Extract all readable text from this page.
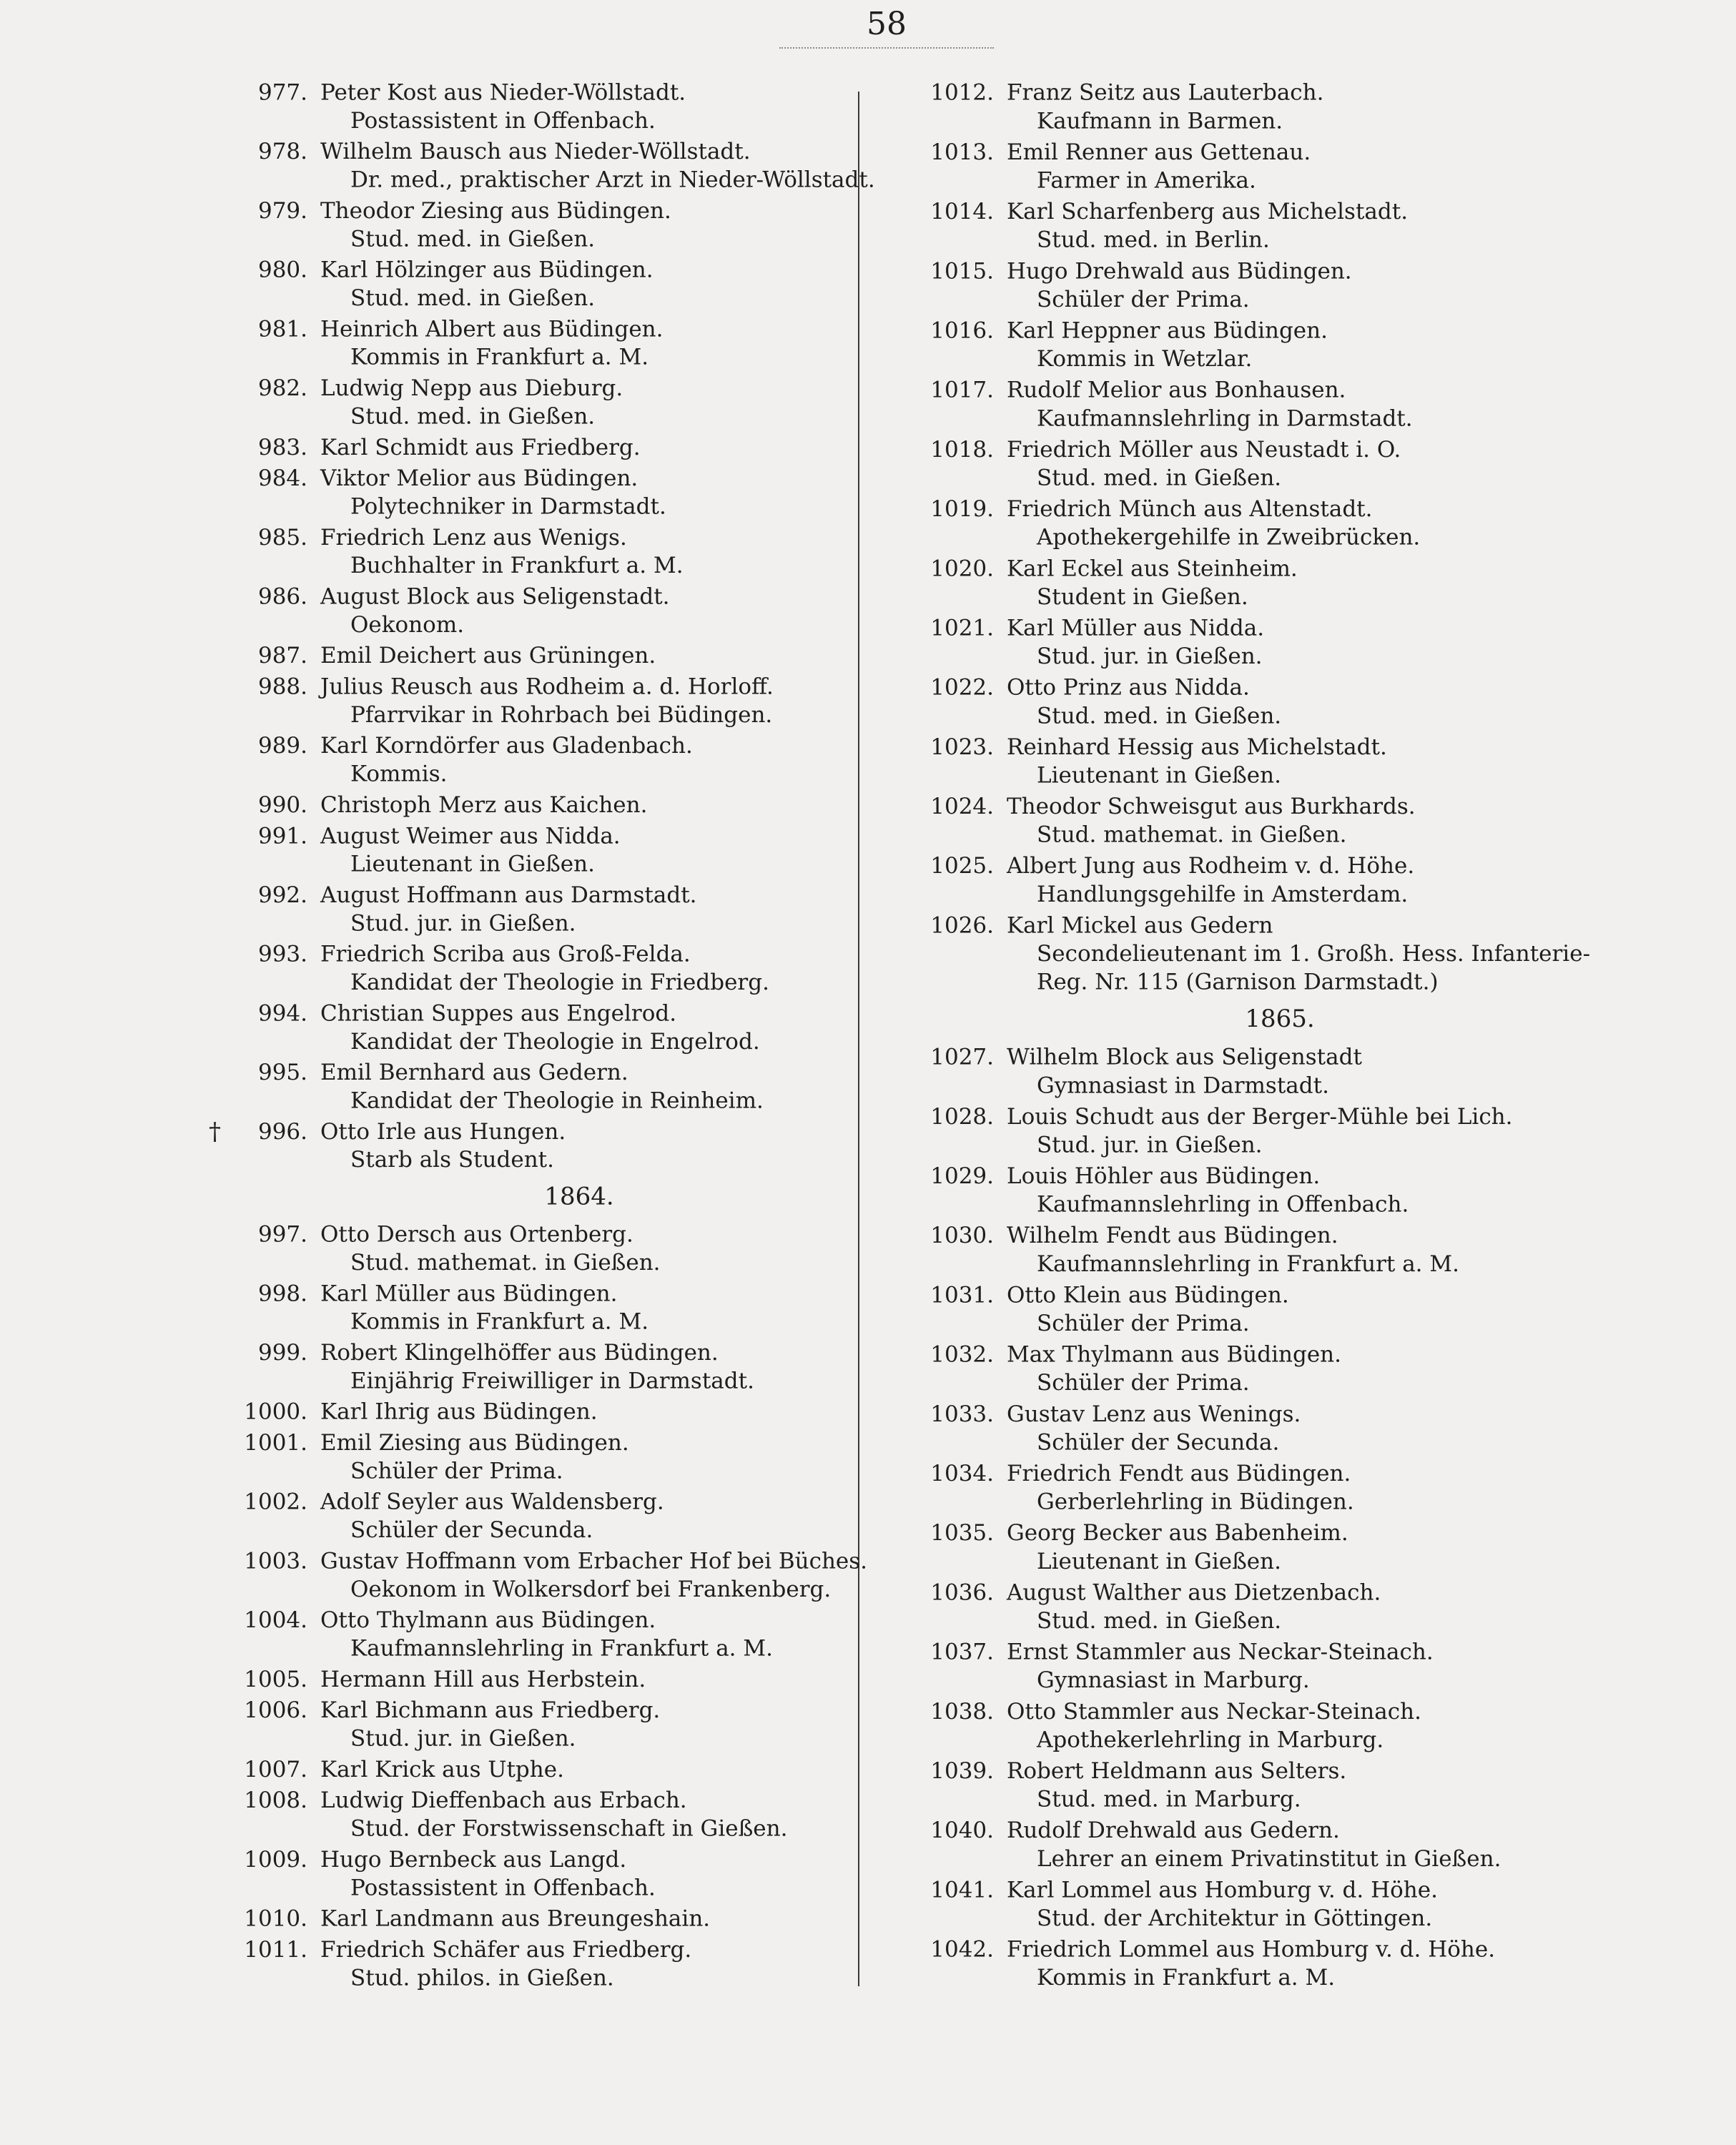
58
977. Peter Kost aus Nieder-Wöllstadt.
Postassistent in Offenbach.
978. Wilhelm Bausch aus Nieder-Wöllstadt.
Dr. med., praktischer Arzt in Nieder-Wöllstadt.
979. Theodor Ziesing aus Büdingen.
Stud. med. in Gießen.
980. Karl Hölzinger aus Büdingen.
Stud. med. in Gießen.
981. Heinrich Albert aus Büdingen.
Kommis in Frankfurt a. M.
982. Ludwig Nepp aus Dieburg.
Stud. med. in Gießen.
983. Karl Schmidt aus Friedberg.
984. Viktor Melior aus Büdingen.
Polytechniker in Darmstadt.
985. Friedrich Lenz aus Wenigs.
Buchhalter in Frankfurt a. M.
986. August Block aus Seligenstadt.
Oekonom.
987. Emil Deichert aus Grüningen.
988. Julius Reusch aus Rodheim a. d. Horloff.
Pfarrvikar in Rohrbach bei Büdingen.
989. Karl Korndörfer aus Gladenbach.
Kommis.
990. Christoph Merz aus Kaichen.
991. August Weimer aus Nidda.
Lieutenant in Gießen.
992. August Hoffmann aus Darmstadt.
Stud. jur. in Gießen.
993. Friedrich Scriba aus Groß-Felda.
Kandidat der Theologie in Friedberg.
994. Christian Suppes aus Engelrod.
Kandidat der Theologie in Engelrod.
995. Emil Bernhard aus Gedern.
Kandidat der Theologie in Reinheim.
†	996. Otto Irle aus Hungen.
Starb als Student.
1864.
997. Otto Dersch aus Ortenberg.
Stud. mathemat. in Gießen.
998. Karl Müller aus Büdingen.
Kommis in Frankfurt a. M.
999. Robert Klingelhöffer aus Büdingen.
Einjährig Freiwilliger in Darmstadt.
1000. Karl Ihrig aus Büdingen.
1001. Emil Ziesing aus Büdingen.
Schüler der Prima.
1002. Adolf Seyler aus Waldensberg.
Schüler der Secunda.
1003. Gustav Hoffmann vom Erbacher Hof bei Büches.
Oekonom in Wolkersdorf bei Frankenberg.
1004. Otto Thylmann aus Büdingen.
Kaufmannslehrling in Frankfurt a. M.
1005. Hermann Hill aus Herbstein.
1006. Karl Bichmann aus Friedberg.
Stud. jur. in Gießen.
1007. Karl Krick aus Utphe.
1008. Ludwig Dieffenbach aus Erbach.
Stud. der Forstwissenschaft in Gießen.
1009. Hugo Bernbeck aus Langd.
Postassistent in Offenbach.
1010. Karl Landmann aus Breungeshain.
1011. Friedrich Schäfer aus Friedberg.
Stud. philos. in Gießen.
1012. Franz Seitz aus Lauterbach.
Kaufmann in Barmen.
1013. Emil Renner aus Gettenau.
Farmer in Amerika.
1014. Karl Scharfenberg aus Michelstadt.
Stud. med. in Berlin.
1015. Hugo Drehwald aus Büdingen.
Schüler der Prima.
1016. Karl Heppner aus Büdingen.
Kommis in Wetzlar.
1017. Rudolf Melior aus Bonhausen.
Kaufmannslehrling in Darmstadt.
1018. Friedrich Möller aus Neustadt i. O.
Stud. med. in Gießen.
1019. Friedrich Münch aus Altenstadt.
Apothekergehilfe in Zweibrücken.
1020. Karl Eckel aus Steinheim.
Student in Gießen.
1021. Karl Müller aus Nidda.
Stud. jur. in Gießen.
1022. Otto Prinz aus Nidda.
Stud. med. in Gießen.
1023. Reinhard Hessig aus Michelstadt.
Lieutenant in Gießen.
1024. Theodor Schweisgut aus Burkhards.
Stud. mathemat. in Gießen.
1025. Albert Jung aus Rodheim v. d. Höhe.
Handlungsgehilfe in Amsterdam.
1026. Karl Mickel aus Gedern
Secondelieutenant im 1. Großh. Hess. Infanterie-
Reg. Nr. 115 (Garnison Darmstadt.)
1865.
1027. Wilhelm Block aus Seligenstadt
Gymnasiast in Darmstadt.
1028. Louis Schudt aus der Berger-Mühle bei Lich.
Stud. jur. in Gießen.
1029. Louis Höhler aus Büdingen.
Kaufmannslehrling in Offenbach.
1030. Wilhelm Fendt aus Büdingen.
Kaufmannslehrling in Frankfurt a. M.
1031. Otto Klein aus Büdingen.
Schüler der Prima.
1032. Max Thylmann aus Büdingen.
Schüler der Prima.
1033. Gustav Lenz aus Wenings.
Schüler der Secunda.
1034. Friedrich Fendt aus Büdingen.
Gerberlehrling in Büdingen.
1035. Georg Becker aus Babenheim.
Lieutenant in Gießen.
1036. August Walther aus Dietzenbach.
Stud. med. in Gießen.
1037. Ernst Stammler aus Neckar-Steinach.
Gymnasiast in Marburg.
1038. Otto Stammler aus Neckar-Steinach.
Apothekerlehrling in Marburg.
1039. Robert Heldmann aus Selters.
Stud. med. in Marburg.
1040. Rudolf Drehwald aus Gedern.
Lehrer an einem Privatinstitut in Gießen.
1041. Karl Lommel aus Homburg v. d. Höhe.
Stud. der Architektur in Göttingen.
1042. Friedrich Lommel aus Homburg v. d. Höhe.
Kommis in Frankfurt a. M.
